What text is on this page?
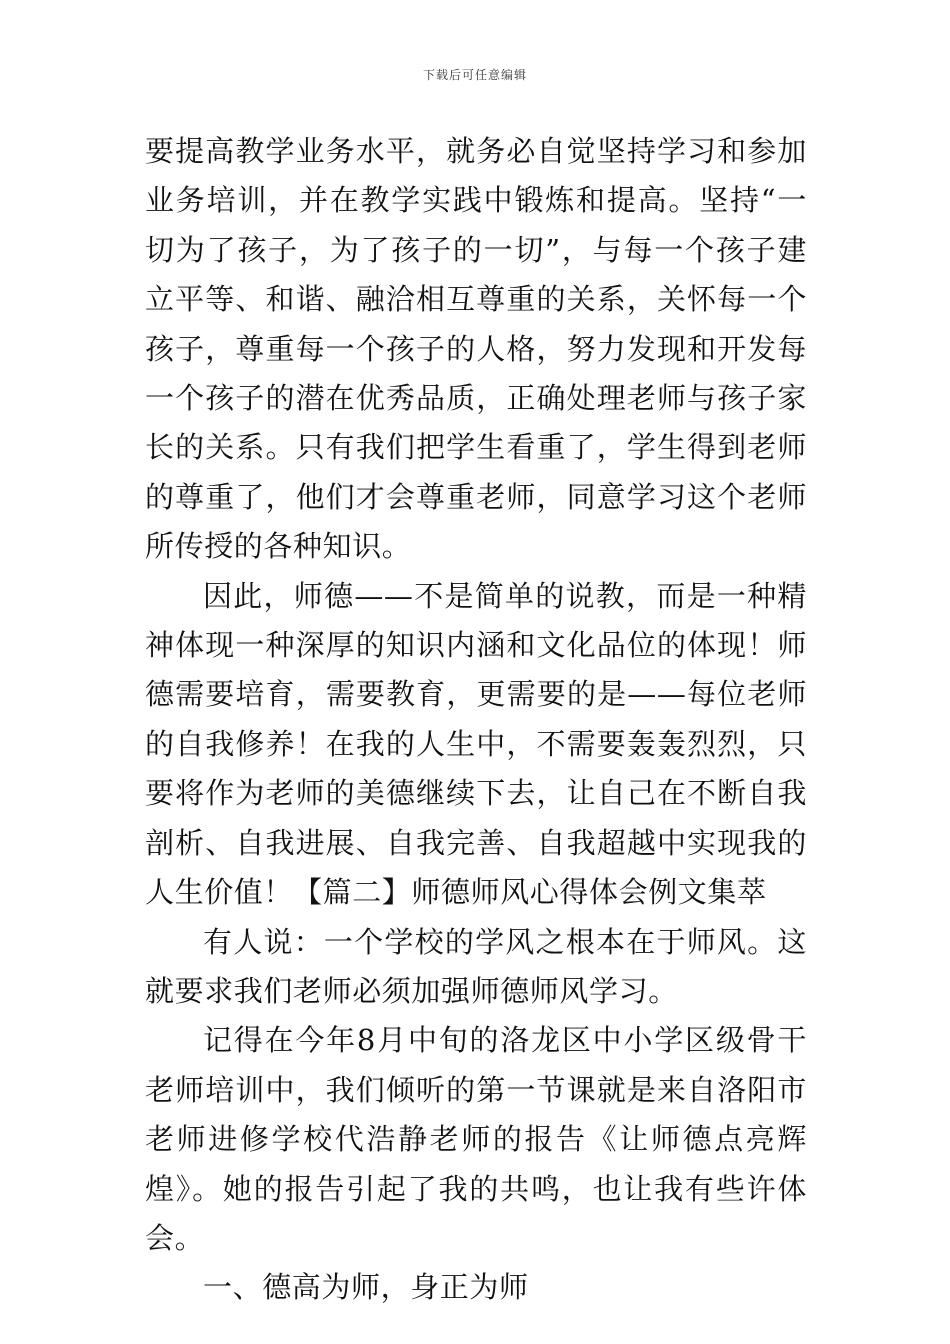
下载后可任意编辑

要提高教学业务水平，就务必自觉坚持学习和参加业务培训，并在教学实践中锻炼和提高。坚持“一切为了孩子，为了孩子的一切”，与每一个孩子建立平等、和谐、融洽相互尊重的关系，关怀每一个孩子，尊重每一个孩子的人格，努力发现和开发每一个孩子的潜在优秀品质，正确处理老师与孩子家长的关系。只有我们把学生看重了，学生得到老师的尊重了，他们才会尊重老师，同意学习这个老师所传授的各种知识。

因此，师德——不是简单的说教，而是一种精神体现一种深厚的知识内涵和文化品位的体现！师德需要培育，需要教育，更需要的是——每位老师的自我修养！在我的人生中，不需要轰轰烈烈，只要将作为老师的美德继续下去，让自己在不断自我剖析、自我进展、自我完善、自我超越中实现我的人生价值！【篇二】师德师风心得体会例文集萃

有人说：一个学校的学风之根本在于师风。这就要求我们老师必须加强师德师风学习。

记得在今年8月中旬的洛龙区中小学区级骨干老师培训中，我们倾听的第一节课就是来自洛阳市老师进修学校代浩静老师的报告《让师德点亮辉煌》。她的报告引起了我的共鸣，也让我有些许体会。

一、德高为师，身正为师
